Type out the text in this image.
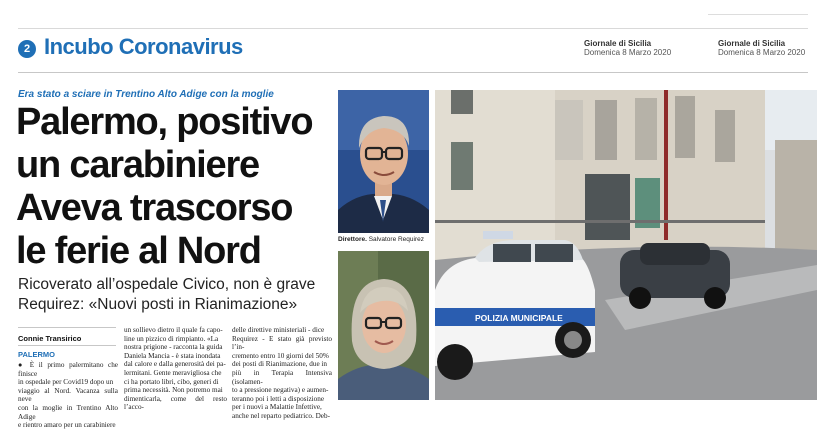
2 Incubo Coronavirus	Giornale di Sicilia
Domenica 8 Marzo 2020
Giornale di Sicilia
Domenica 8 Marzo 2020
Era stato a sciare in Trentino Alto Adige con la moglie
Palermo, positivo
un carabiniere
Aveva trascorso
le ferie al Nord
Ricoverato all’ospedale Civico, non è grave
Requirez: «Nuovi posti in Rianimazione»
Connie Transirico
PALERMO
● È il primo palermitano che finisce
in ospedale per Covid19 dopo un
viaggio al Nord. Vacanza sulla neve
con la moglie in Trentino Alto Adige
e rientro amaro per un carabiniere
un sollievo dietro il quale fa capo-
line un pizzico di rimpianto. «La
nostra prigione - racconta la guida
Daniela Mancia - è stata inondata
dal calore e dalla generosità dei pa-
lermitani. Gente meravigliosa che
ci ha portato libri, cibo, generi di
prima necessità. Non potremo mai
dimenticarla, come del resto l’acco-
delle direttive ministeriali - dice
Requirez - E stato già previsto l’in-
cremento entro 10 giorni del 50%
dei posti di Rianimazione, due in
più in Terapia Intensiva (isolamen-
to a pressione negativa) e aumen-
teranno poi i letti a disposizione
per i nuovi a Malattie Infettive,
anche nel reparto pediatrico. Deb-
Direttore. Salvatore Requirez
POLIZIA MUNICIPALE
